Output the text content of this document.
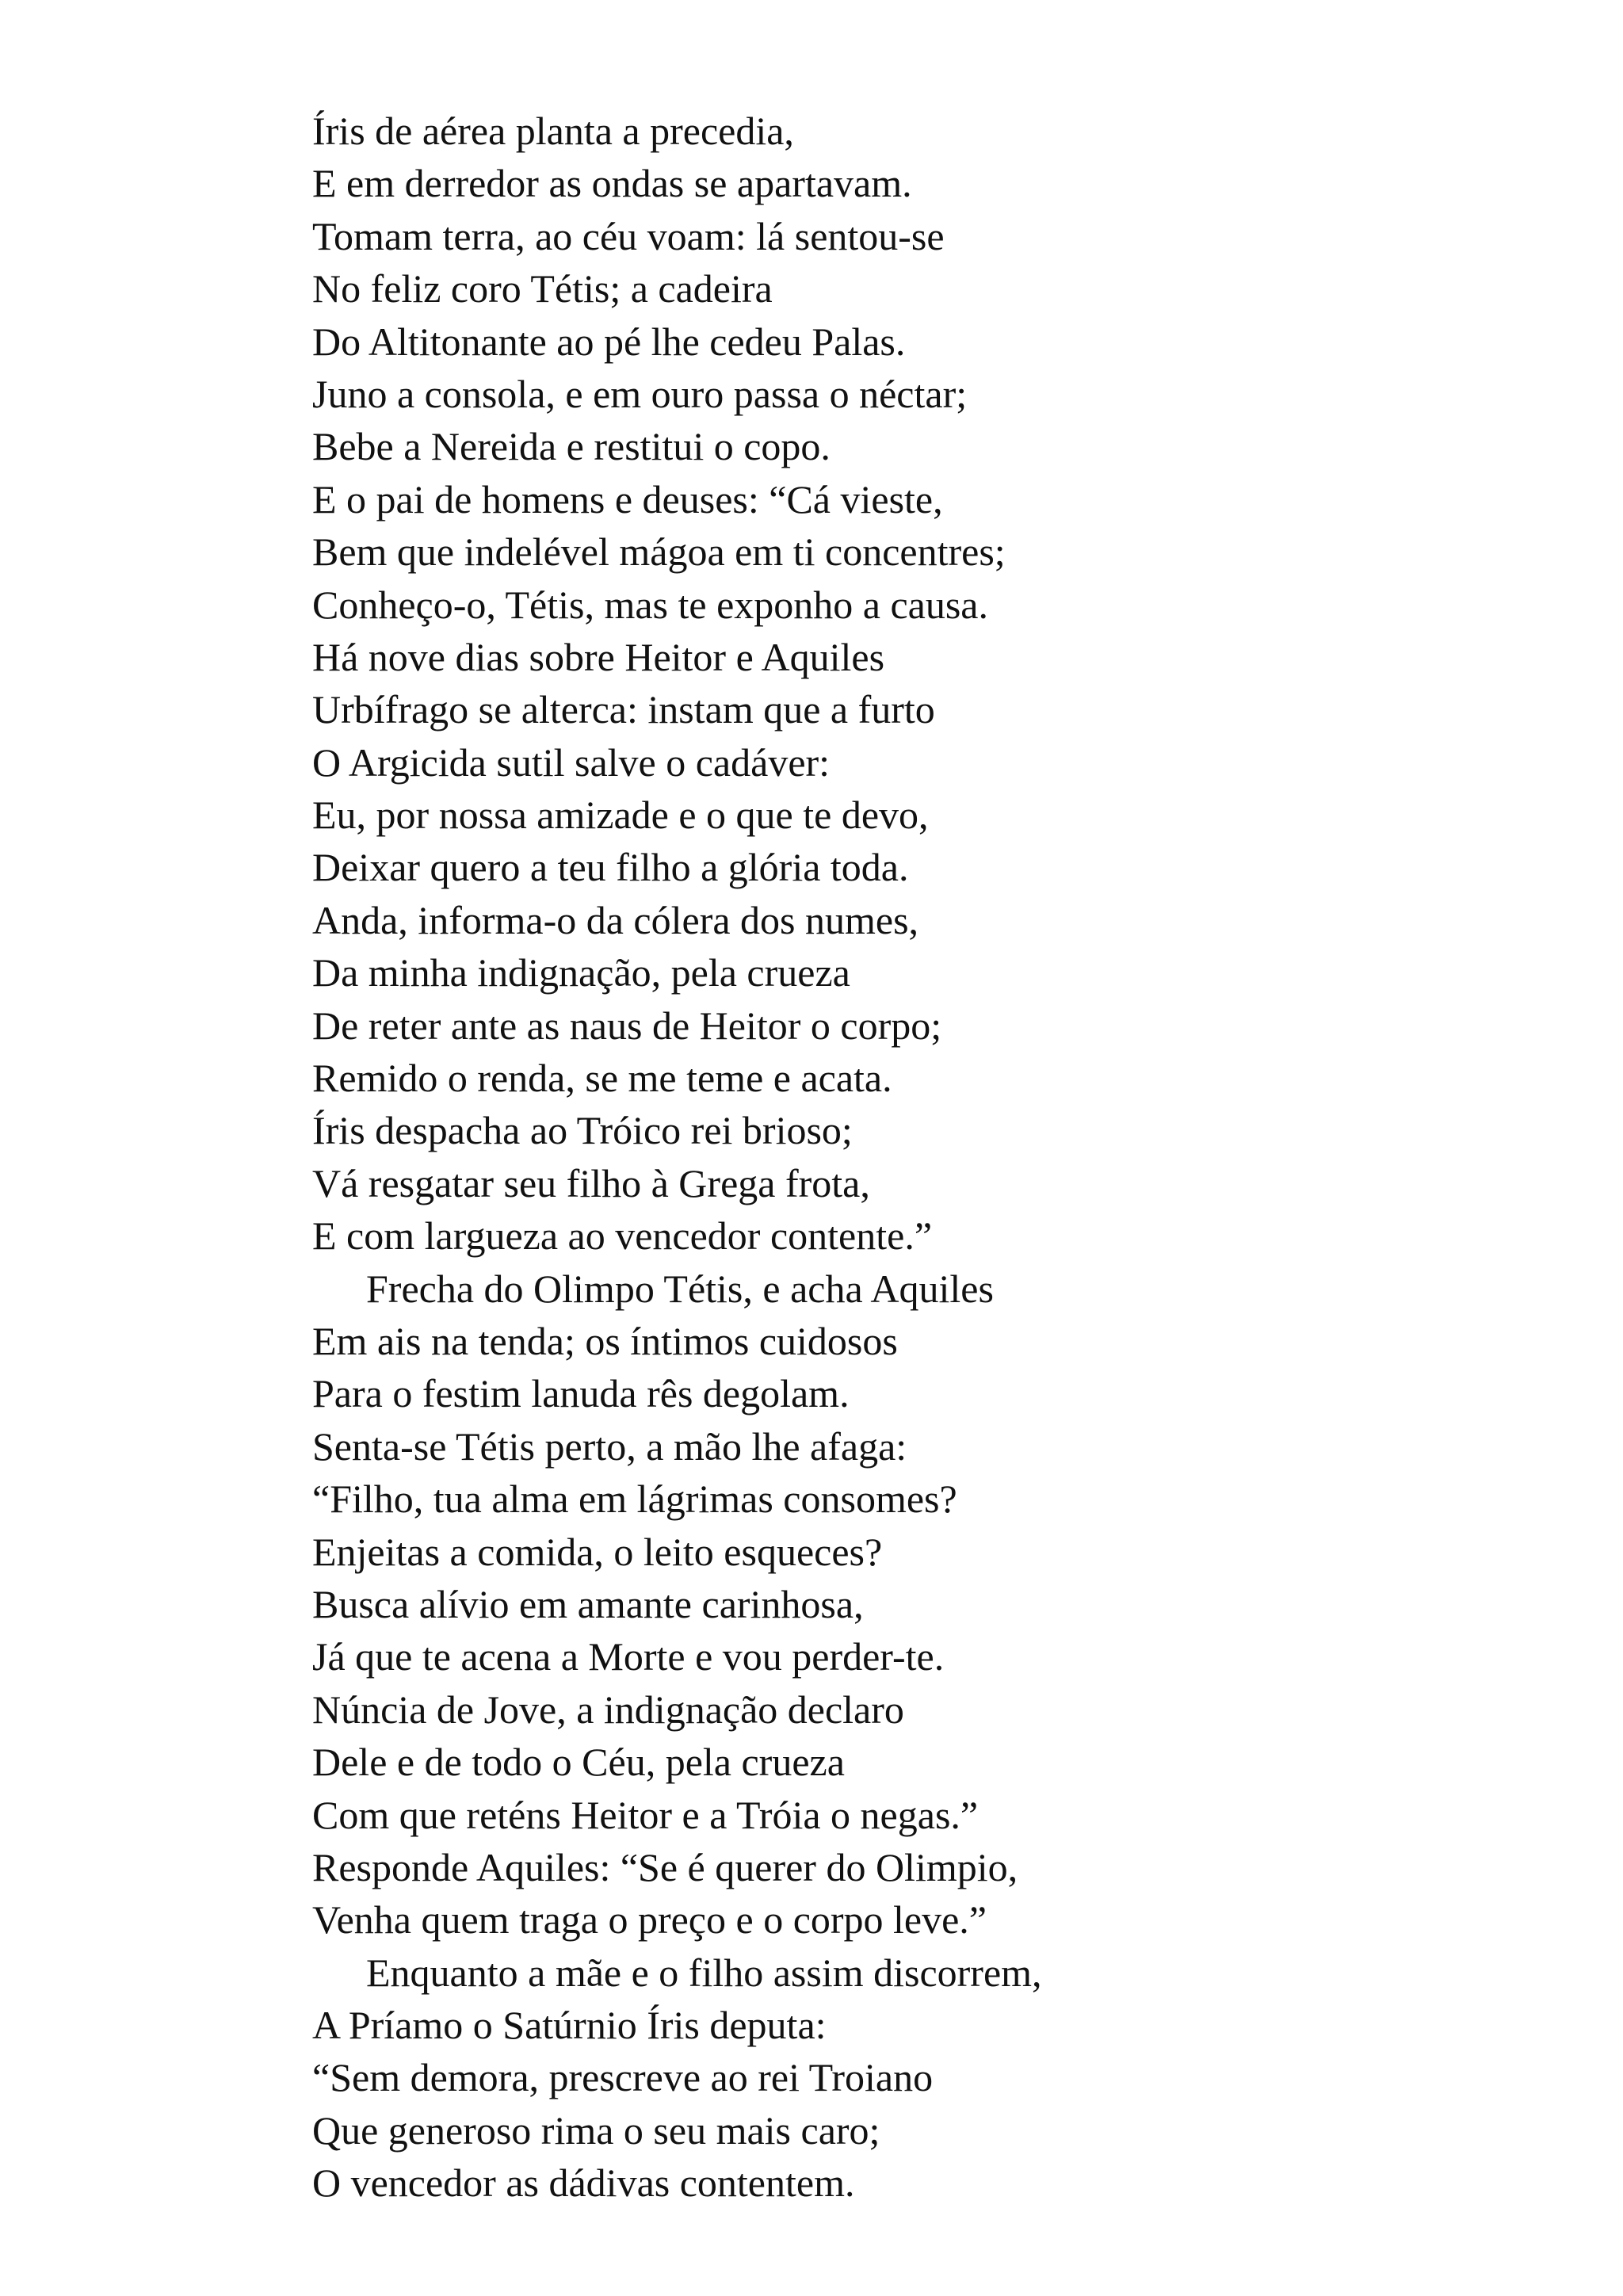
Íris de aérea planta a precedia,

E em derredor as ondas se apartavam.

Tomam terra, ao céu voam: lá sentou-se

No feliz coro Tétis; a cadeira

Do Altitonante ao pé lhe cedeu Palas.

Juno a consola, e em ouro passa o néctar;

Bebe a Nereida e restitui o copo.

E o pai de homens e deuses: “Cá vieste,

Bem que indelével mágoa em ti concentres;

Conheço-o, Tétis, mas te exponho a causa.

Há nove dias sobre Heitor e Aquiles

Urbífrago se alterca: instam que a furto

O Argicida sutil salve o cadáver:

Eu, por nossa amizade e o que te devo,

Deixar quero a teu filho a glória toda.

Anda, informa-o da cólera dos numes,

Da minha indignação, pela crueza

De reter ante as naus de Heitor o corpo;

Remido o renda, se me teme e acata.

Íris despacha ao Tróico rei brioso;

Vá resgatar seu filho à Grega frota,

E com largueza ao vencedor contente.”

Frecha do Olimpo Tétis, e acha Aquiles

Em ais na tenda; os íntimos cuidosos

Para o festim lanuda rês degolam.

Senta-se Tétis perto, a mão lhe afaga:

“Filho, tua alma em lágrimas consomes?

Enjeitas a comida, o leito esqueces?

Busca alívio em amante carinhosa,

Já que te acena a Morte e vou perder-te.

Núncia de Jove, a indignação declaro

Dele e de todo o Céu, pela crueza

Com que reténs Heitor e a Tróia o negas.”

Responde Aquiles: “Se é querer do Olimpio,

Venha quem traga o preço e o corpo leve.”

Enquanto a mãe e o filho assim discorrem,

A Príamo o Satúrnio Íris deputa:

“Sem demora, prescreve ao rei Troiano

Que generoso rima o seu mais caro;

O vencedor as dádivas contentem.
